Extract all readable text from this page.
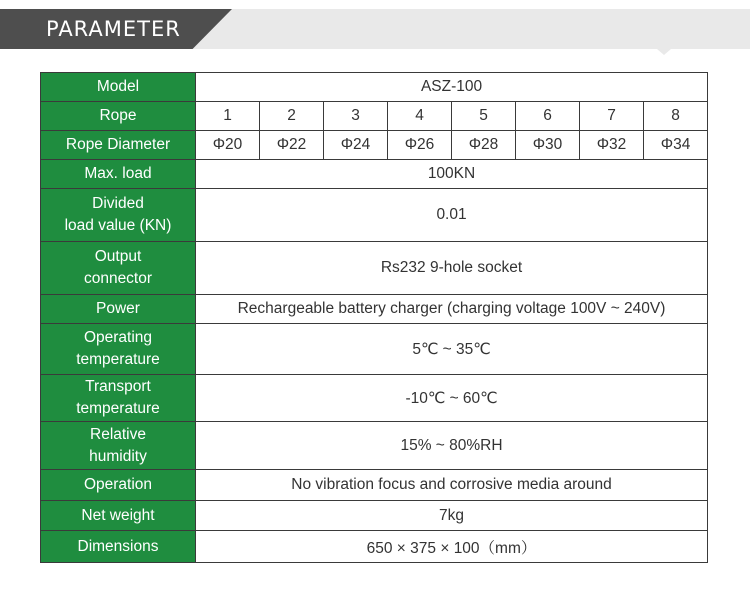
PARAMETER
Model	ASZ-100							
Rope	1	2	3	4	5	6	7	8
Rope Diameter	Φ20	Φ22	Φ24	Φ26	Φ28	Φ30	Φ32	Φ34
Max. load	100KN							

Divided
load value (KN)	0.01							

Output
connector	Rs232 9-hole socket							
Power	Rechargeable battery charger (charging voltage 100V ~ 240V)							

Operating
temperature	5℃ ~ 35℃							

Transport
temperature	-10℃ ~ 60℃							

Relative
humidity	15% ~ 80%RH							
Operation	No vibration focus and corrosive media around							
Net weight	7kg							
Dimensions	650 × 375 × 100（mm）							
